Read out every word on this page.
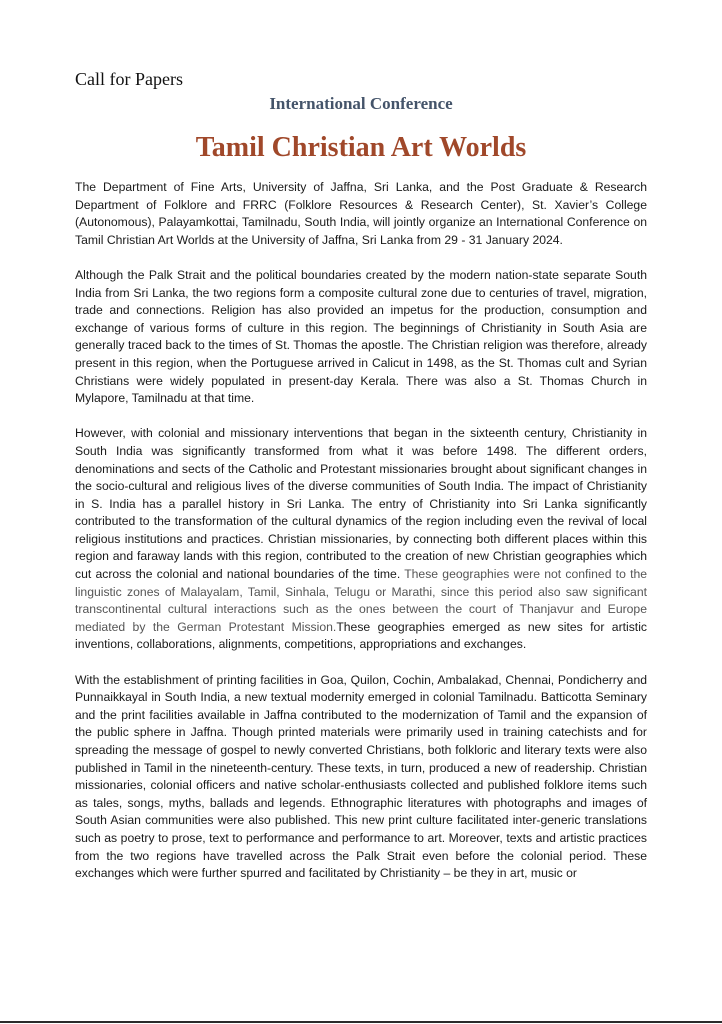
Call for Papers

International Conference
Tamil Christian Art Worlds

The Department of Fine Arts, University of Jaffna, Sri Lanka, and the Post Graduate & Research Department of Folklore and FRRC (Folklore Resources & Research Center), St. Xavier’s College (Autonomous), Palayamkottai, Tamilnadu, South India, will jointly organize an International Conference on Tamil Christian Art Worlds at the University of Jaffna, Sri Lanka from 29 - 31 January 2024.

Although the Palk Strait and the political boundaries created by the modern nation-state separate South India from Sri Lanka, the two regions form a composite cultural zone due to centuries of travel, migration, trade and connections. Religion has also provided an impetus for the production, consumption and exchange of various forms of culture in this region. The beginnings of Christianity in South Asia are generally traced back to the times of St. Thomas the apostle. The Christian religion was therefore, already present in this region, when the Portuguese arrived in Calicut in 1498, as the St. Thomas cult and Syrian Christians were widely populated in present-day Kerala. There was also a St. Thomas Church in Mylapore, Tamilnadu at that time.

However, with colonial and missionary interventions that began in the sixteenth century, Christianity in South India was significantly transformed from what it was before 1498. The different orders, denominations and sects of the Catholic and Protestant missionaries brought about significant changes in the socio-cultural and religious lives of the diverse communities of South India. The impact of Christianity in S. India has a parallel history in Sri Lanka. The entry of Christianity into Sri Lanka significantly contributed to the transformation of the cultural dynamics of the region including even the revival of local religious institutions and practices. Christian missionaries, by connecting both different places within this region and faraway lands with this region, contributed to the creation of new Christian geographies which cut across the colonial and national boundaries of the time. These geographies were not confined to the linguistic zones of Malayalam, Tamil, Sinhala, Telugu or Marathi, since this period also saw significant transcontinental cultural interactions such as the ones between the court of Thanjavur and Europe mediated by the German Protestant Mission.These geographies emerged as new sites for artistic inventions, collaborations, alignments, competitions, appropriations and exchanges.

With the establishment of printing facilities in Goa, Quilon, Cochin, Ambalakad, Chennai, Pondicherry and Punnaikkayal in South India, a new textual modernity emerged in colonial Tamilnadu. Batticotta Seminary and the print facilities available in Jaffna contributed to the modernization of Tamil and the expansion of the public sphere in Jaffna. Though printed materials were primarily used in training catechists and for spreading the message of gospel to newly converted Christians, both folkloric and literary texts were also published in Tamil in the nineteenth-century. These texts, in turn, produced a new of readership. Christian missionaries, colonial officers and native scholar-enthusiasts collected and published folklore items such as tales, songs, myths, ballads and legends. Ethnographic literatures with photographs and images of South Asian communities were also published. This new print culture facilitated inter-generic translations such as poetry to prose, text to performance and performance to art. Moreover, texts and artistic practices from the two regions have travelled across the Palk Strait even before the colonial period. These exchanges which were further spurred and facilitated by Christianity – be they in art, music or
